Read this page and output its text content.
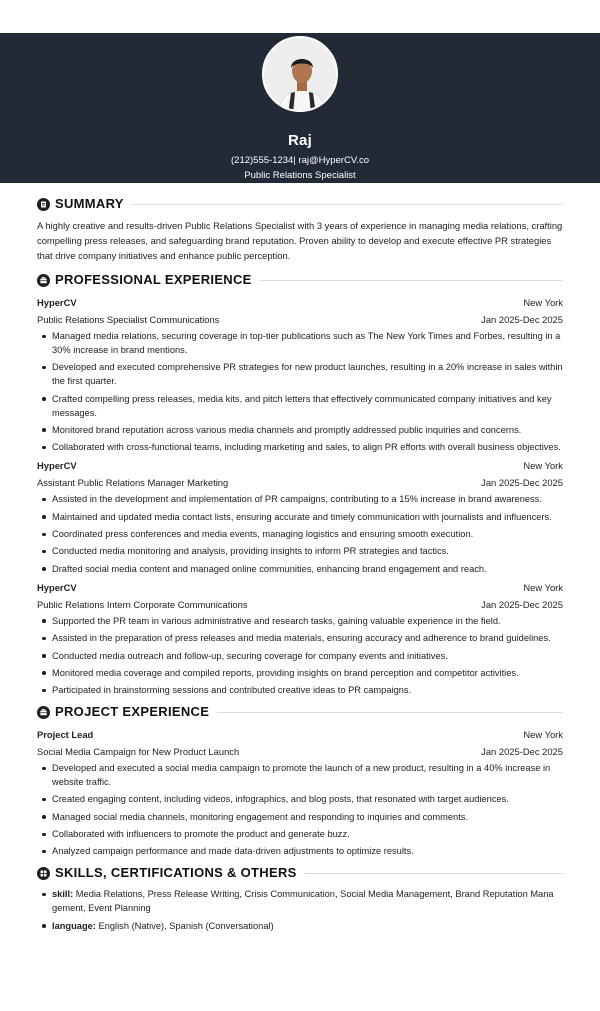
Raj
(212)555-1234| raj@HyperCV.co
Public Relations Specialist
SUMMARY

A highly creative and results-driven Public Relations Specialist with 3 years of experience in managing media relations, crafting compelling press releases, and safeguarding brand reputation. Proven ability to develop and execute effective PR strategies that drive company initiatives and enhance public perception.

PROFESSIONAL EXPERIENCE
HyperCV	New York
Public Relations Specialist Communications	Jan 2025-Dec 2025
Managed media relations, securing coverage in top-tier publications such as The New York Times and Forbes, resulting in a 30% increase in brand mentions.
Developed and executed comprehensive PR strategies for new product launches, resulting in a 20% increase in sales within the first quarter.
Crafted compelling press releases, media kits, and pitch letters that effectively communicated company initiatives and key messages.
Monitored brand reputation across various media channels and promptly addressed public inquiries and concerns.
Collaborated with cross-functional teams, including marketing and sales, to align PR efforts with overall business objectives.
HyperCV	New York
Assistant Public Relations Manager Marketing	Jan 2025-Dec 2025
Assisted in the development and implementation of PR campaigns, contributing to a 15% increase in brand awareness.
Maintained and updated media contact lists, ensuring accurate and timely communication with journalists and influencers.
Coordinated press conferences and media events, managing logistics and ensuring smooth execution.
Conducted media monitoring and analysis, providing insights to inform PR strategies and tactics.
Drafted social media content and managed online communities, enhancing brand engagement and reach.
HyperCV	New York
Public Relations Intern Corporate Communications	Jan 2025-Dec 2025
Supported the PR team in various administrative and research tasks, gaining valuable experience in the field.
Assisted in the preparation of press releases and media materials, ensuring accuracy and adherence to brand guidelines.
Conducted media outreach and follow-up, securing coverage for company events and initiatives.
Monitored media coverage and compiled reports, providing insights on brand perception and competitor activities.
Participated in brainstorming sessions and contributed creative ideas to PR campaigns.
PROJECT EXPERIENCE
Project Lead	New York
Social Media Campaign for New Product Launch	Jan 2025-Dec 2025
Developed and executed a social media campaign to promote the launch of a new product, resulting in a 40% increase in website traffic.
Created engaging content, including videos, infographics, and blog posts, that resonated with target audiences.
Managed social media channels, monitoring engagement and responding to inquiries and comments.
Collaborated with influencers to promote the product and generate buzz.
Analyzed campaign performance and made data-driven adjustments to optimize results.
SKILLS, CERTIFICATIONS & OTHERS
skill: Media Relations, Press Release Writing, Crisis Communication, Social Media Management, Brand Reputation Mana gement, Event Planning
language: English (Native), Spanish (Conversational)
